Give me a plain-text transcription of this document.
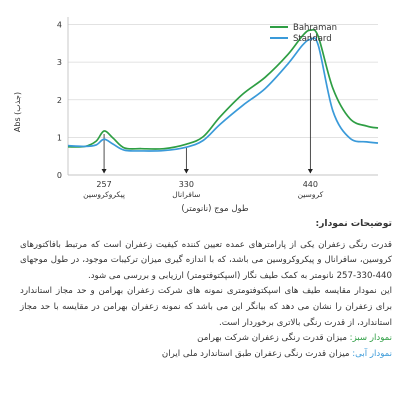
Abs (جذب)
0
1
2
3
4
257
پیکروکروسین
330
سافرانال
440
کروسین
Bahraman
Standard
طول موج (نانومتر)
توضیحات نمودار:

قدرت رنگی زعفران یکی از پارامترهای عمده تعیین کننده کیفیت زعفران است که مرتبط بافاکتورهای کروسین، سافرانال و پیکروکروسین می باشد، که با اندازه گیری میزان ترکیبات موجود، در طول موجهای 440-330-257 نانومتر به کمک طیف نگار (اسپکتوفتومتر) ارزیابی و بررسی می شود.

این نمودار مقایسه طیف های اسپکتوفتومتری نمونه های شرکت زعفران بهرامن و حد مجاز استاندارد برای زعفران را نشان می دهد که بیانگر این می باشد که نمونه زعفران بهرامن در مقایسه با حد مجاز استاندارد، از قدرت رنگی بالاتری برخوردار است.

نمودار سبز: میزان قدرت رنگی زعفران شرکت بهرامن

نمودار آبی: میزان قدرت رنگی زعفران طبق استاندارد ملی ایران
